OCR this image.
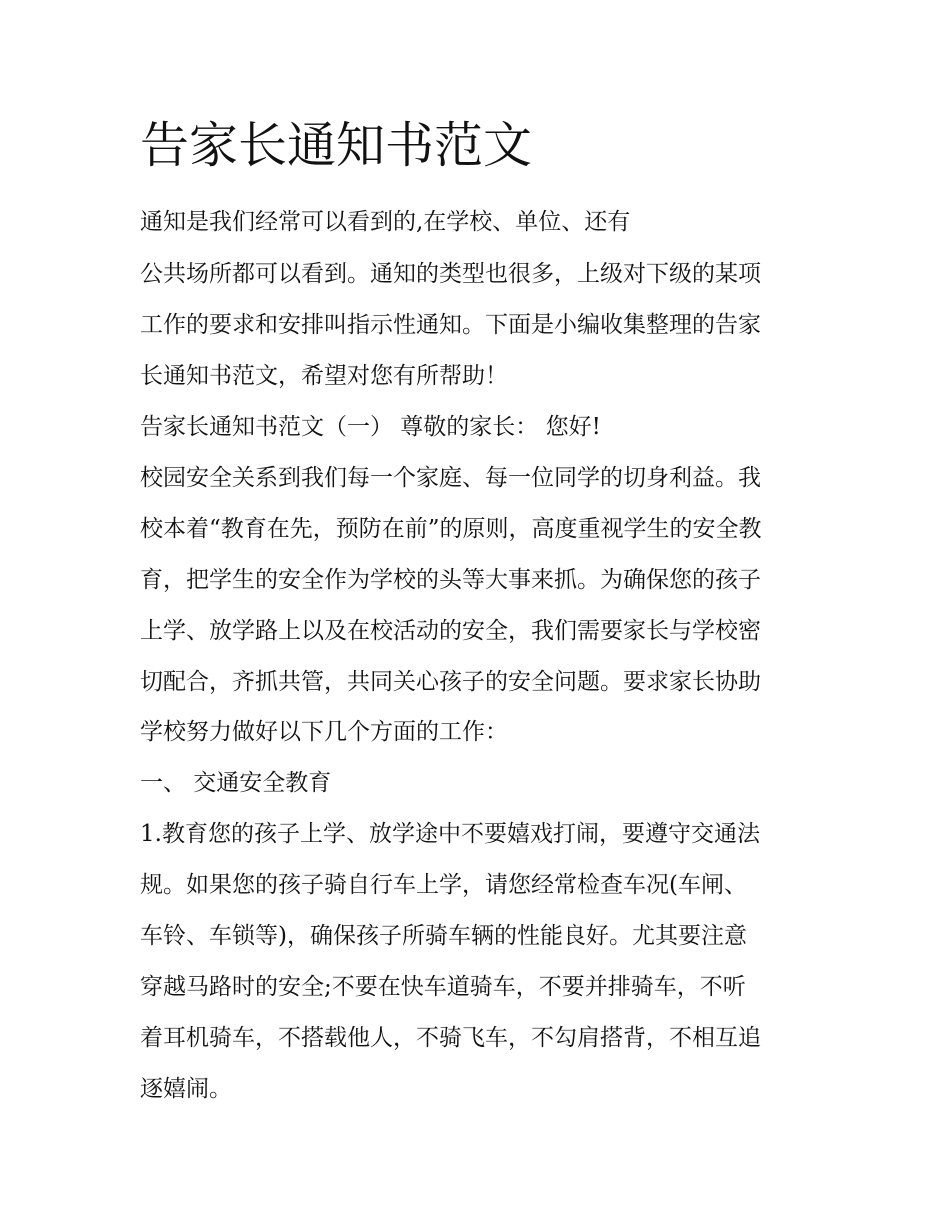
告家长通知书范文

通知是我们经常可以看到的,在学校、单位、还有

公共场所都可以看到。通知的类型也很多，上级对下级的某项

工作的要求和安排叫指示性通知。下面是小编收集整理的告家

长通知书范文，希望对您有所帮助！

告家长通知书范文（一） 尊敬的家长： 您好!

校园安全关系到我们每一个家庭、每一位同学的切身利益。我

校本着“教育在先，预防在前”的原则，高度重视学生的安全教

育，把学生的安全作为学校的头等大事来抓。为确保您的孩子

上学、放学路上以及在校活动的安全，我们需要家长与学校密

切配合，齐抓共管，共同关心孩子的安全问题。要求家长协助

学校努力做好以下几个方面的工作：

一、 交通安全教育

1.教育您的孩子上学、放学途中不要嬉戏打闹，要遵守交通法

规。如果您的孩子骑自行车上学，请您经常检查车况(车闸、

车铃、车锁等)，确保孩子所骑车辆的性能良好。尤其要注意

穿越马路时的安全;不要在快车道骑车，不要并排骑车，不听

着耳机骑车，不搭载他人，不骑飞车，不勾肩搭背，不相互追

逐嬉闹。
